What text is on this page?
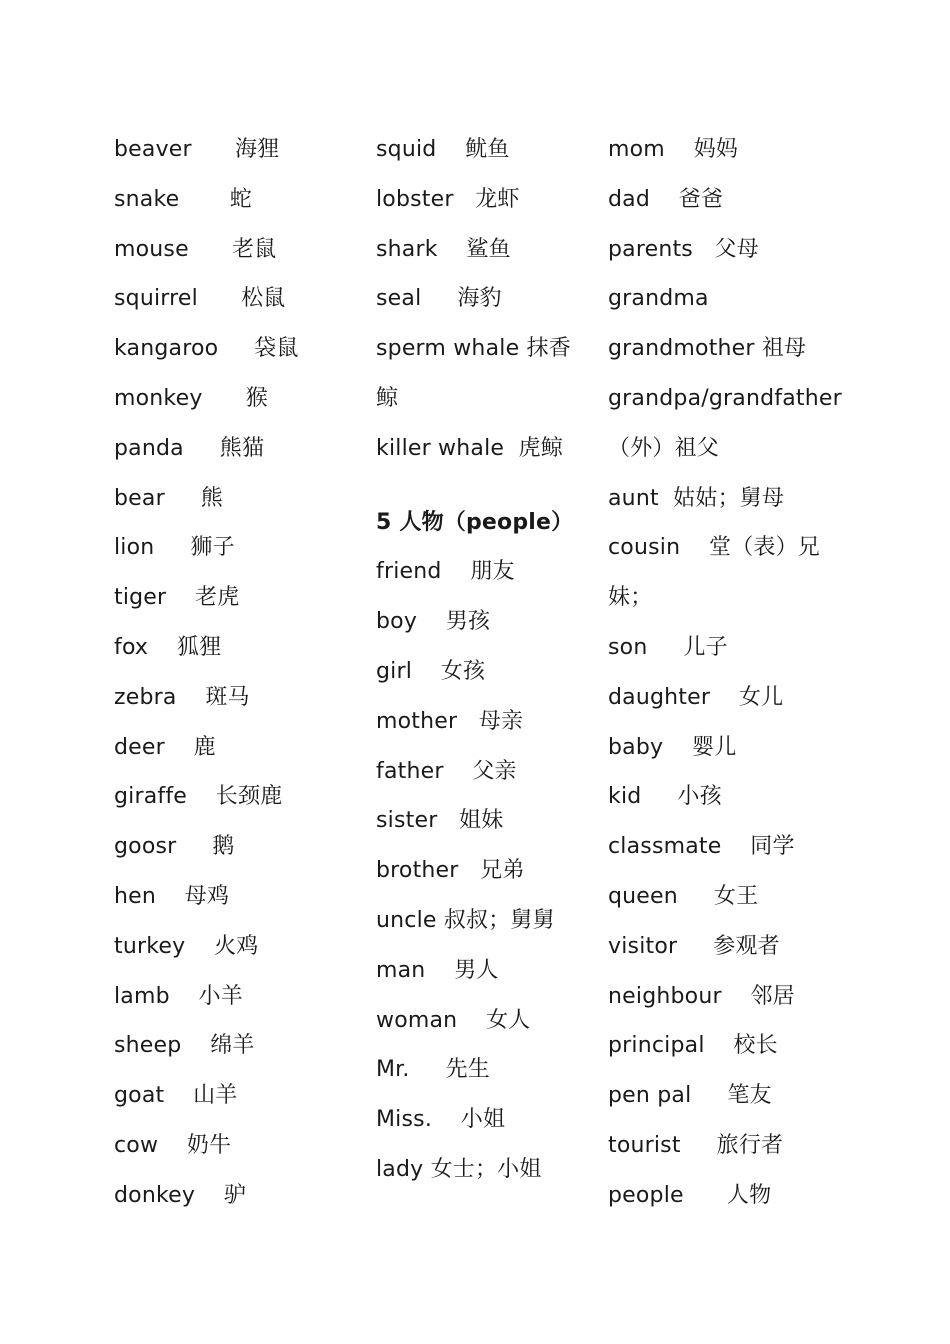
beaver      海狸
snake       蛇
mouse      老鼠
squirrel      松鼠
kangaroo     袋鼠
monkey      猴
panda     熊猫
bear     熊
lion     狮子
tiger    老虎
fox    狐狸
zebra    斑马
deer    鹿
giraffe    长颈鹿
goosr     鹅
hen    母鸡
turkey    火鸡
lamb    小羊
sheep    绵羊
goat    山羊
cow    奶牛
donkey    驴
squid    鱿鱼
lobster   龙虾
shark    鲨鱼
seal     海豹
sperm whale 抹香
鲸
killer whale  虎鲸
5 人物（people）
friend    朋友
boy    男孩
girl    女孩
mother   母亲
father    父亲
sister   姐妹
brother   兄弟
uncle 叔叔；舅舅
man    男人
woman    女人
Mr.     先生
Miss.    小姐
lady 女士；小姐
mom    妈妈
dad    爸爸
parents   父母
grandma
grandmother 祖母
grandpa/grandfather
（外）祖父
aunt  姑姑；舅母
cousin    堂（表）兄
妹；
son     儿子
daughter    女儿
baby    婴儿
kid     小孩
classmate    同学
queen     女王
visitor     参观者
neighbour    邻居
principal    校长
pen pal     笔友
tourist     旅行者
people      人物
